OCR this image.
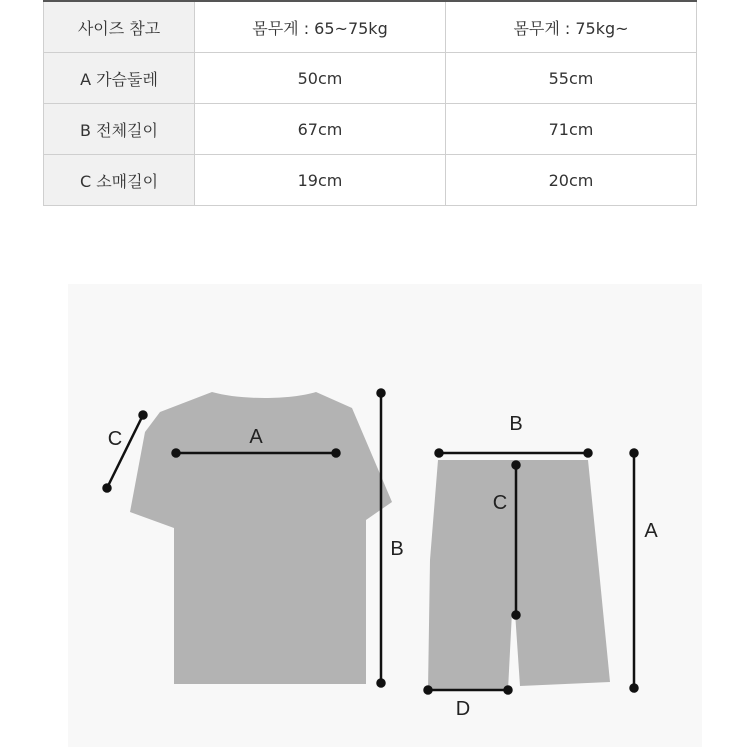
사이즈 참고	몸무게 : 65~75kg	몸무게 : 75kg~
A 가슴둘레	50cm	55cm
B 전체길이	67cm	71cm
C 소매길이	19cm	20cm
A
C
B
B
C
A
D
